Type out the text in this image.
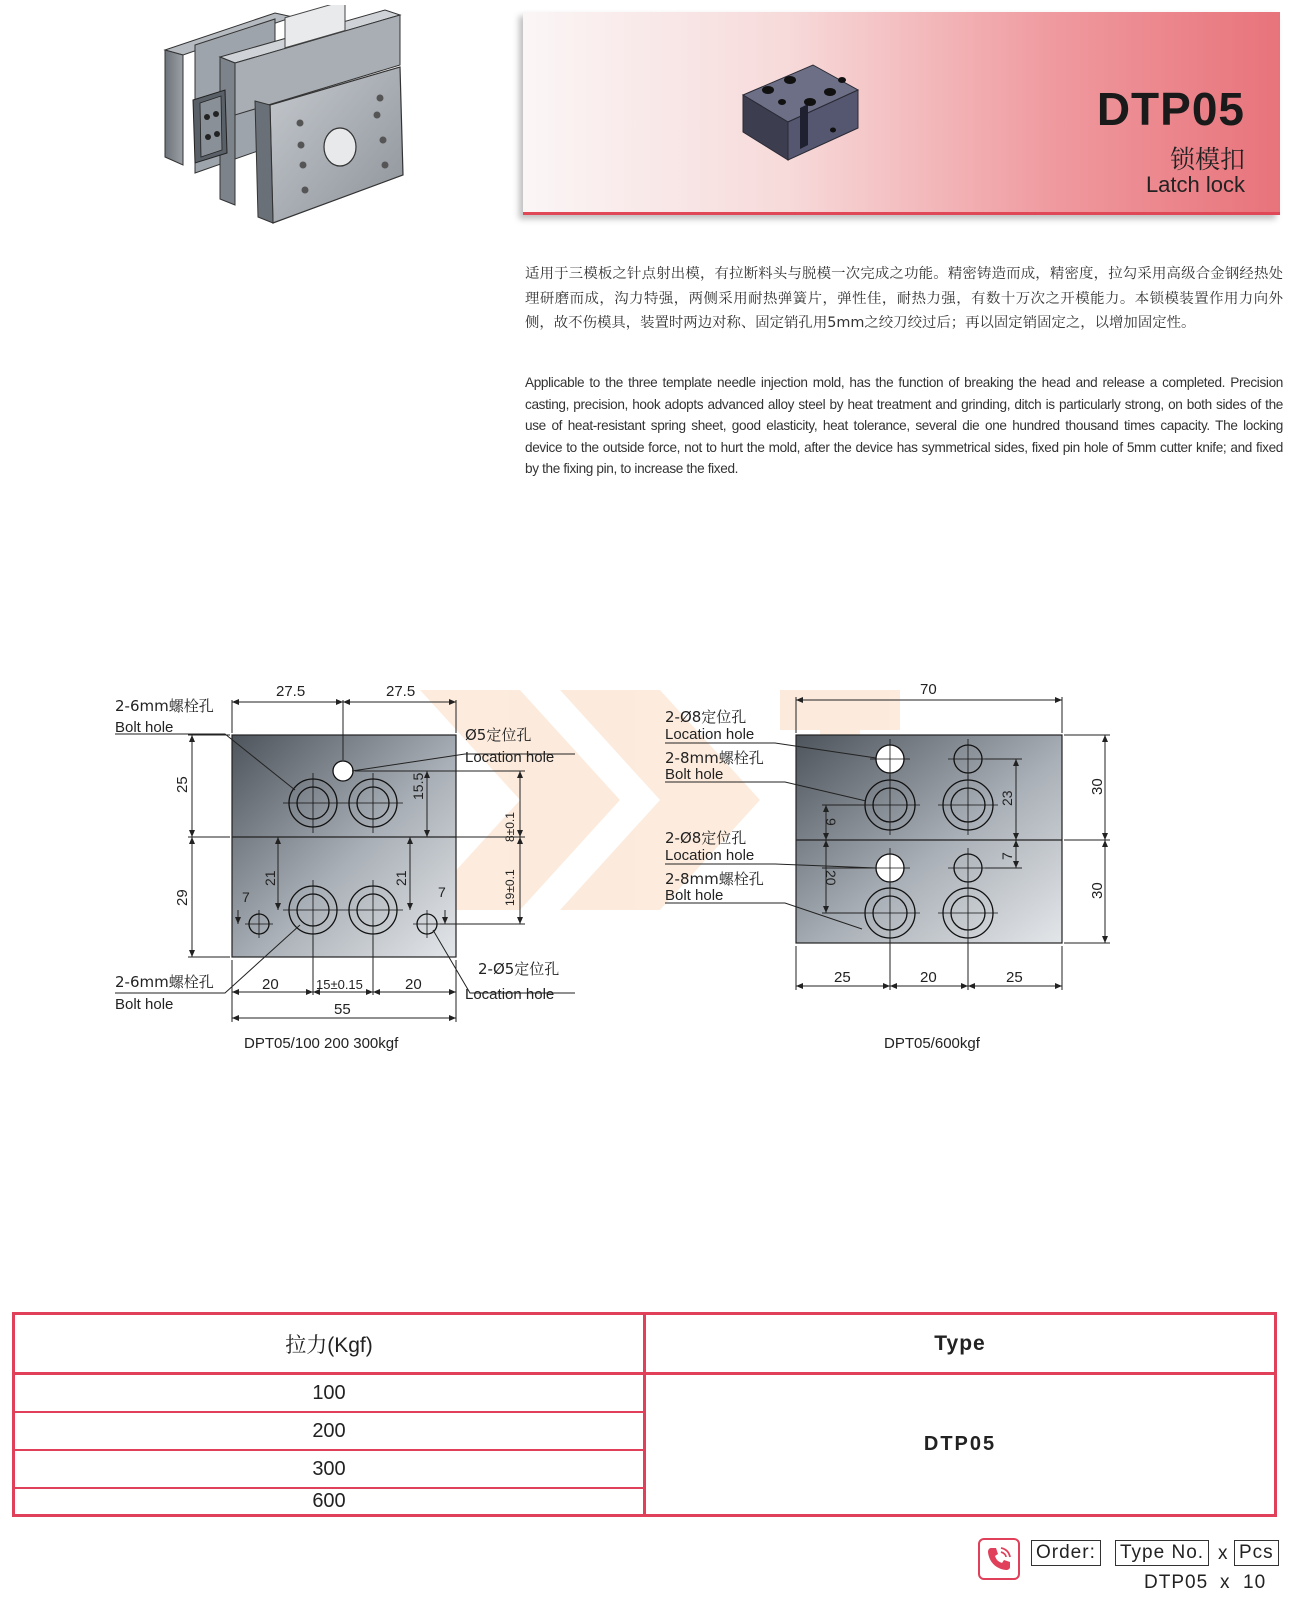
DTP05
锁模扣
Latch lock
适用于三模板之针点射出模，有拉断料头与脱模一次完成之功能。精密铸造而成，精密度，拉勾采用高级合金钢经热处理研磨而成，沟力特强，两侧采用耐热弹簧片，弹性佳，耐热力强，有数十万次之开模能力。本锁模装置作用力向外侧，故不伤模具，装置时两边对称、固定销孔用5mm之绞刀绞过后；再以固定销固定之，以增加固定性。
Applicable to the three template needle injection mold, has the function of breaking the head and release a completed. Precision casting, precision, hook adopts advanced alloy steel by heat treatment and grinding, ditch is particularly strong, on both sides of the use of heat-resistant spring sheet, good elasticity, heat tolerance, several die one hundred thousand times capacity. The locking device to the outside force, not to hurt the mold, after the device has symmetrical sides, fixed pin hole of 5mm cutter knife; and fixed by the fixing pin, to increase the fixed.
27.5	27.5
25
29
15.5
21	21
7	7
8±0.1
19±0.1
20	15±0.15	20
55
2-6mm螺栓孔
Bolt hole	Ø5定位孔
Location hole
2-6mm螺栓孔
Bolt hole
2-Ø5定位孔
Location hole
DPT05/100 200 300kgf
70
30
30
23
7
9
20
25	20	25
2-Ø8定位孔
Location hole
2-8mm螺栓孔
Bolt hole
2-Ø8定位孔
Location hole
2-8mm螺栓孔
Bolt hole
DPT05/600kgf
拉力(Kgf)
100
200
300
600
Type
DTP05
Order: Type No. x Pcs
DTP05 x 10
